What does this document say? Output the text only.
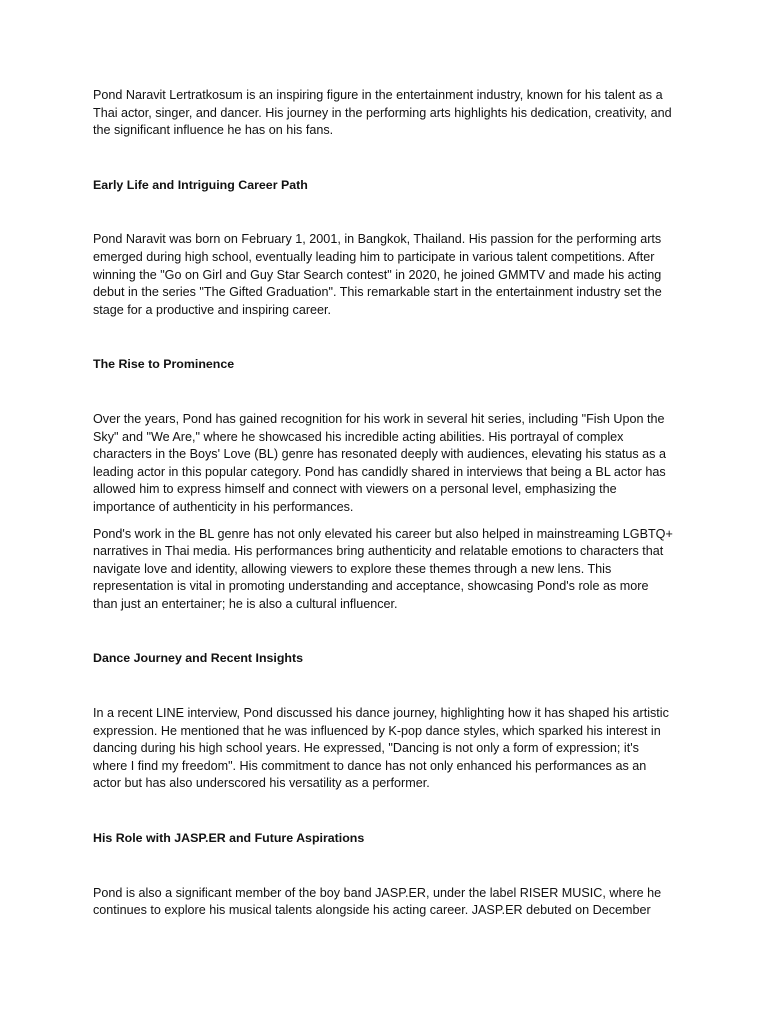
Pond Naravit Lertratkosum is an inspiring figure in the entertainment industry, known for his talent as a Thai actor, singer, and dancer. His journey in the performing arts highlights his dedication, creativity, and the significant influence he has on his fans.

Early Life and Intriguing Career Path

Pond Naravit was born on February 1, 2001, in Bangkok, Thailand. His passion for the performing arts emerged during high school, eventually leading him to participate in various talent competitions. After winning the "Go on Girl and Guy Star Search contest" in 2020, he joined GMMTV and made his acting debut in the series "The Gifted Graduation". This remarkable start in the entertainment industry set the stage for a productive and inspiring career.

The Rise to Prominence

Over the years, Pond has gained recognition for his work in several hit series, including "Fish Upon the Sky" and "We Are," where he showcased his incredible acting abilities. His portrayal of complex characters in the Boys' Love (BL) genre has resonated deeply with audiences, elevating his status as a leading actor in this popular category. Pond has candidly shared in interviews that being a BL actor has allowed him to express himself and connect with viewers on a personal level, emphasizing the importance of authenticity in his performances.

Pond's work in the BL genre has not only elevated his career but also helped in mainstreaming LGBTQ+ narratives in Thai media. His performances bring authenticity and relatable emotions to characters that navigate love and identity, allowing viewers to explore these themes through a new lens. This representation is vital in promoting understanding and acceptance, showcasing Pond's role as more than just an entertainer; he is also a cultural influencer.

Dance Journey and Recent Insights

In a recent LINE interview, Pond discussed his dance journey, highlighting how it has shaped his artistic expression. He mentioned that he was influenced by K-pop dance styles, which sparked his interest in dancing during his high school years. He expressed, "Dancing is not only a form of expression; it's where I find my freedom". His commitment to dance has not only enhanced his performances as an actor but has also underscored his versatility as a performer.

His Role with JASP.ER and Future Aspirations

Pond is also a significant member of the boy band JASP.ER, under the label RISER MUSIC, where he continues to explore his musical talents alongside his acting career. JASP.ER debuted on December
